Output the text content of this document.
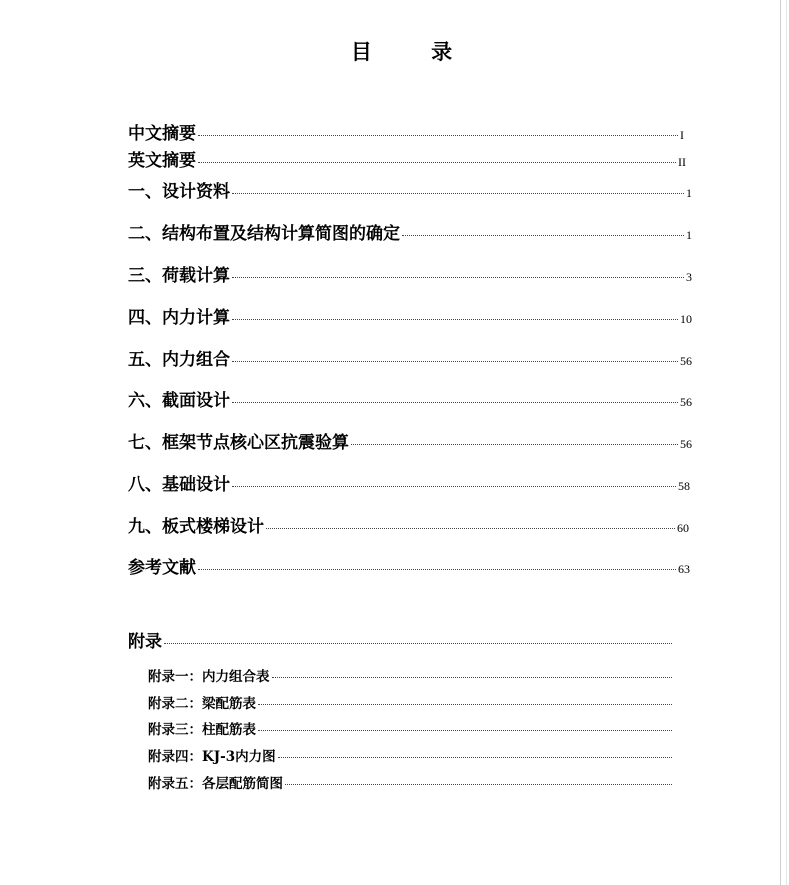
目 录
中文摘要	I
英文摘要	II
一、设计资料	1
二、结构布置及结构计算简图的确定	1
三、荷载计算	3
四、内力计算	10
五、内力组合	56
六、截面设计	56
七、框架节点核心区抗震验算	56
八、基础设计	58
九、板式楼梯设计	60
参考文献	63
附录
附录一：内力组合表
附录二：梁配筋表
附录三：柱配筋表
附录四：KJ-3内力图
附录五：各层配筋简图
